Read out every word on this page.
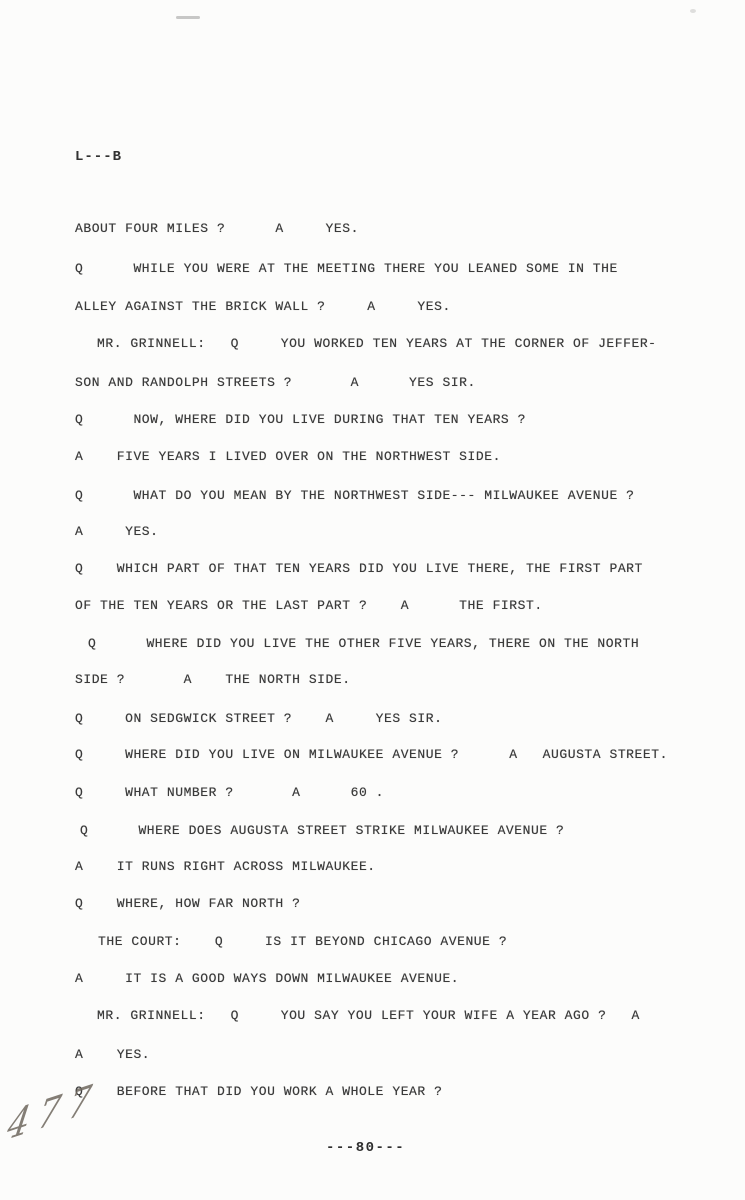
L---B
ABOUT FOUR MILES ?      A     YES.
Q      WHILE YOU WERE AT THE MEETING THERE YOU LEANED SOME IN THE
ALLEY AGAINST THE BRICK WALL ?     A     YES.
MR. GRINNELL:   Q     YOU WORKED TEN YEARS AT THE CORNER OF JEFFER-
SON AND RANDOLPH STREETS ?       A      YES SIR.
Q      NOW, WHERE DID YOU LIVE DURING THAT TEN YEARS ?
A    FIVE YEARS I LIVED OVER ON THE NORTHWEST SIDE.
Q      WHAT DO YOU MEAN BY THE NORTHWEST SIDE--- MILWAUKEE AVENUE ?
A     YES.
Q    WHICH PART OF THAT TEN YEARS DID YOU LIVE THERE, THE FIRST PART
OF THE TEN YEARS OR THE LAST PART ?    A      THE FIRST.
Q      WHERE DID YOU LIVE THE OTHER FIVE YEARS, THERE ON THE NORTH
SIDE ?       A    THE NORTH SIDE.
Q     ON SEDGWICK STREET ?    A     YES SIR.
Q     WHERE DID YOU LIVE ON MILWAUKEE AVENUE ?      A   AUGUSTA STREET.
Q     WHAT NUMBER ?       A      60 .
Q      WHERE DOES AUGUSTA STREET STRIKE MILWAUKEE AVENUE ?
A    IT RUNS RIGHT ACROSS MILWAUKEE.
Q    WHERE, HOW FAR NORTH ?
THE COURT:    Q     IS IT BEYOND CHICAGO AVENUE ?
A     IT IS A GOOD WAYS DOWN MILWAUKEE AVENUE.
MR. GRINNELL:   Q     YOU SAY YOU LEFT YOUR WIFE A YEAR AGO ?   A
A    YES.
Q    BEFORE THAT DID YOU WORK A WHOLE YEAR ?
477	---80---
